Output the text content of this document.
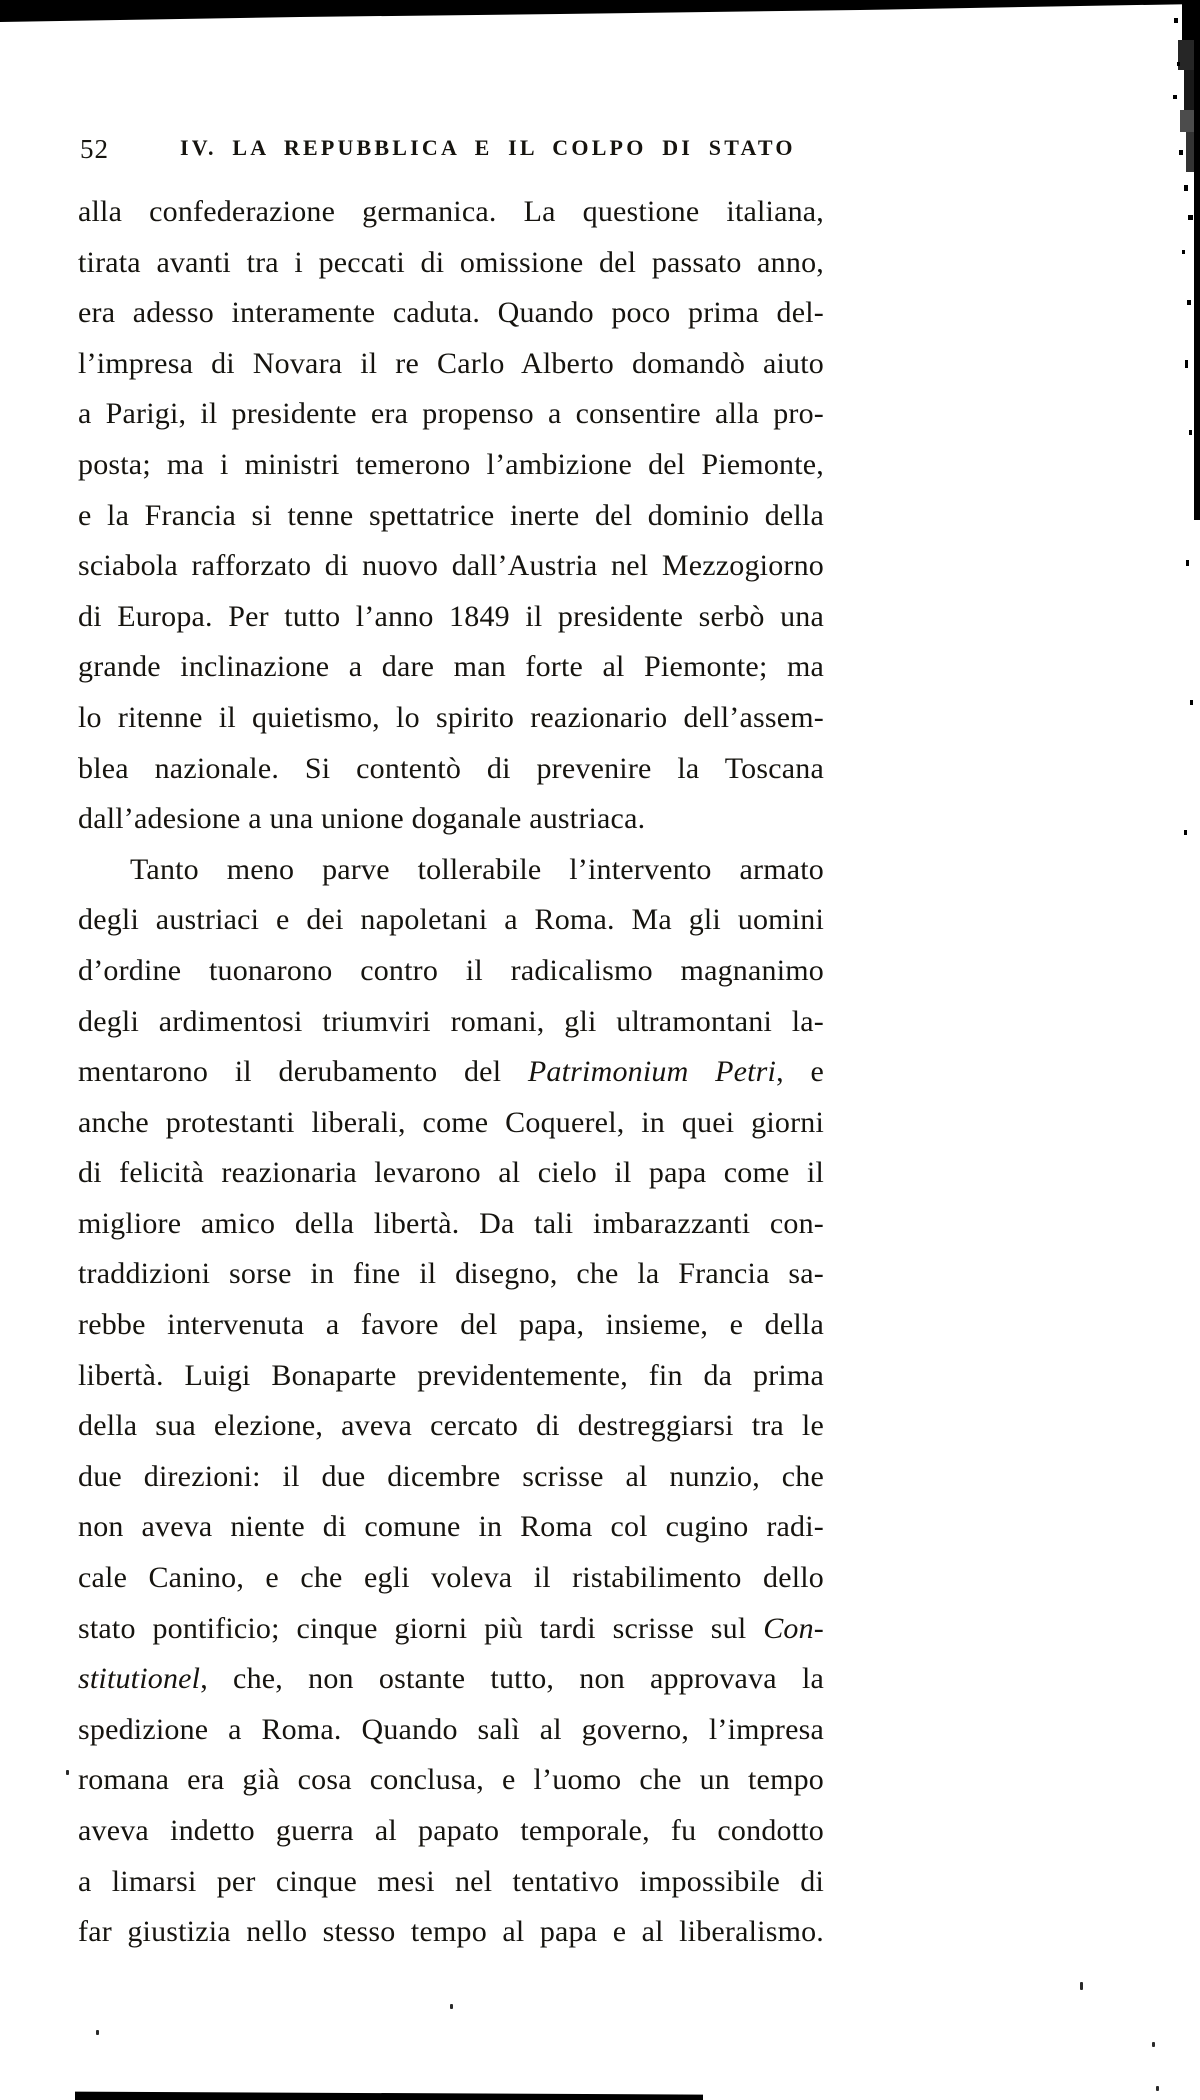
52	IV. LA REPUBBLICA E IL COLPO DI STATO
alla confederazione germanica. La questione italiana,
tirata avanti tra i peccati di omissione del passato anno,
era adesso interamente caduta. Quando poco prima del-
l’impresa di Novara il re Carlo Alberto domandò aiuto
a Parigi, il presidente era propenso a consentire alla pro-
posta; ma i ministri temerono l’ambizione del Piemonte,
e la Francia si tenne spettatrice inerte del dominio della
sciabola rafforzato di nuovo dall’Austria nel Mezzogiorno
di Europa. Per tutto l’anno 1849 il presidente serbò una
grande inclinazione a dare man forte al Piemonte; ma
lo ritenne il quietismo, lo spirito reazionario dell’assem-
blea nazionale. Si contentò di prevenire la Toscana
dall’adesione a una unione doganale austriaca.
Tanto meno parve tollerabile l’intervento armato
degli austriaci e dei napoletani a Roma. Ma gli uomini
d’ordine tuonarono contro il radicalismo magnanimo
degli ardimentosi triumviri romani, gli ultramontani la-
mentarono il derubamento del Patrimonium Petri, e
anche protestanti liberali, come Coquerel, in quei giorni
di felicità reazionaria levarono al cielo il papa come il
migliore amico della libertà. Da tali imbarazzanti con-
traddizioni sorse in fine il disegno, che la Francia sa-
rebbe intervenuta a favore del papa, insieme, e della
libertà. Luigi Bonaparte previdentemente, fin da prima
della sua elezione, aveva cercato di destreggiarsi tra le
due direzioni: il due dicembre scrisse al nunzio, che
non aveva niente di comune in Roma col cugino radi-
cale Canino, e che egli voleva il ristabilimento dello
stato pontificio; cinque giorni più tardi scrisse sul Con-
stitutionel, che, non ostante tutto, non approvava la
spedizione a Roma. Quando salì al governo, l’impresa
romana era già cosa conclusa, e l’uomo che un tempo
aveva indetto guerra al papato temporale, fu condotto
a limarsi per cinque mesi nel tentativo impossibile di
far giustizia nello stesso tempo al papa e al liberalismo.
